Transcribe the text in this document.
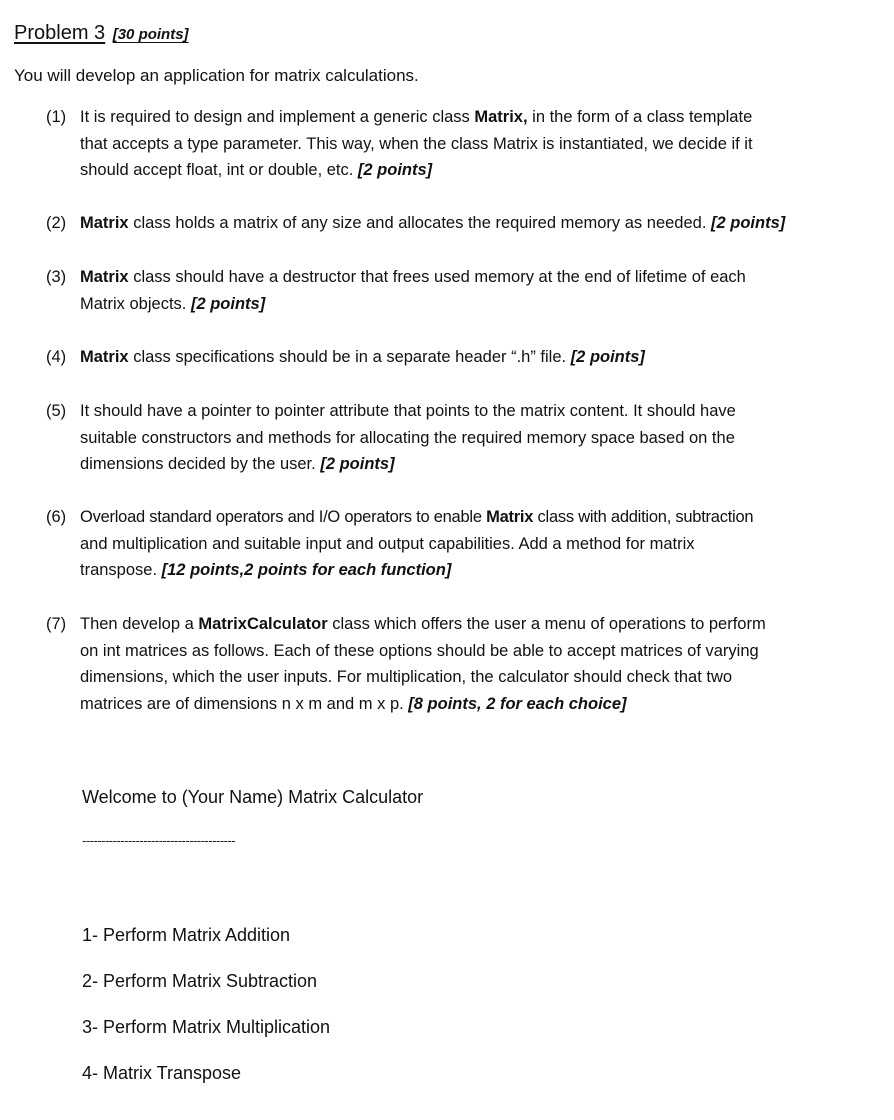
Problem 3 [30 points]
You will develop an application for matrix calculations.
(1) It is required to design and implement a generic class Matrix, in the form of a class template
that accepts a type parameter. This way, when the class Matrix is instantiated, we decide if it
should accept float, int or double, etc. [2 points]
(2) Matrix class holds a matrix of any size and allocates the required memory as needed. [2 points]
(3) Matrix class should have a destructor that frees used memory at the end of lifetime of each
Matrix objects. [2 points]
(4) Matrix class specifications should be in a separate header “.h” file. [2 points]
(5) It should have a pointer to pointer attribute that points to the matrix content. It should have
suitable constructors and methods for allocating the required memory space based on the
dimensions decided by the user. [2 points]
(6) Overload standard operators and I/O operators to enable Matrix class with addition, subtraction
and multiplication and suitable input and output capabilities. Add a method for matrix
transpose. [12 points,2 points for each function]
(7) Then develop a MatrixCalculator class which offers the user a menu of operations to perform
on int matrices as follows. Each of these options should be able to accept matrices of varying
dimensions, which the user inputs. For multiplication, the calculator should check that two
matrices are of dimensions n x m and m x p. [8 points, 2 for each choice]
Welcome to (Your Name) Matrix Calculator
----------------------------------------
1- Perform Matrix Addition
2- Perform Matrix Subtraction
3- Perform Matrix Multiplication
4- Matrix Transpose
